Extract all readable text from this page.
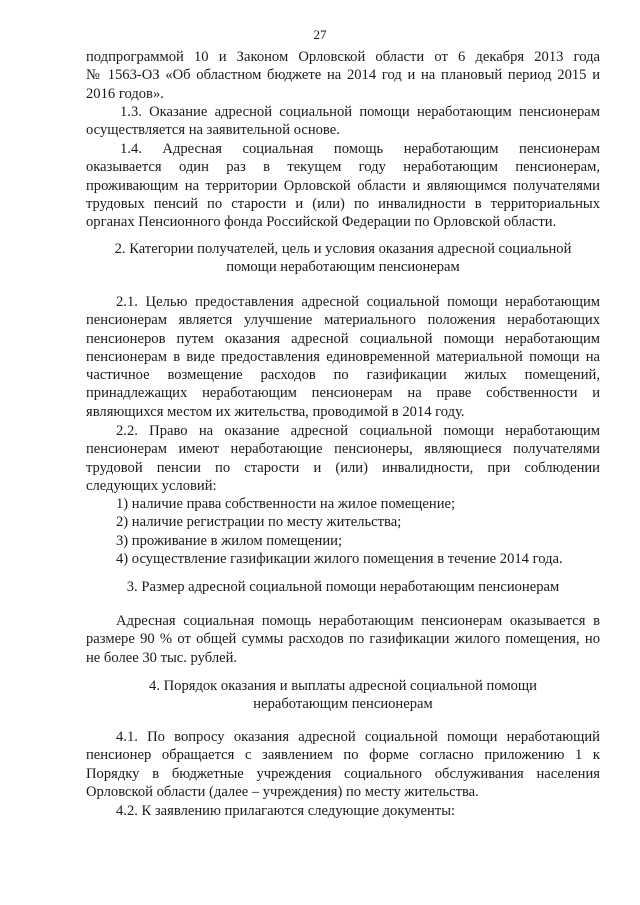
27
подпрограммой 10 и Законом Орловской области от 6 декабря 2013 года
№ 1563-ОЗ «Об областном бюджете на 2014 год и на плановый период 2015 и
2016 годов».
1.3. Оказание адресной социальной помощи неработающим пенсионерам
осуществляется на заявительной основе.
1.4. Адресная социальная помощь неработающим пенсионерам
оказывается один раз в текущем году неработающим пенсионерам,
проживающим на территории Орловской области и являющимся получателями
трудовых пенсий по старости и (или) по инвалидности в территориальных
органах Пенсионного фонда Российской Федерации по Орловской области.
2. Категории получателей, цель и условия оказания адресной социальной
помощи неработающим пенсионерам
2.1. Целью предоставления адресной социальной помощи неработающим
пенсионерам является улучшение материального положения неработающих
пенсионеров путем оказания адресной социальной помощи неработающим
пенсионерам в виде предоставления единовременной материальной помощи на
частичное возмещение расходов по газификации жилых помещений,
принадлежащих неработающим пенсионерам на праве собственности и
являющихся местом их жительства, проводимой в 2014 году.
2.2. Право на оказание адресной социальной помощи неработающим
пенсионерам имеют неработающие пенсионеры, являющиеся получателями
трудовой пенсии по старости и (или) инвалидности, при соблюдении
следующих условий:
1) наличие права собственности на жилое помещение;
2) наличие регистрации по месту жительства;
3) проживание в жилом помещении;
4) осуществление газификации жилого помещения в течение 2014 года.
3. Размер адресной социальной помощи неработающим пенсионерам
Адресная социальная помощь неработающим пенсионерам оказывается в
размере 90 % от общей суммы расходов по газификации жилого помещения, но
не более 30 тыс. рублей.
4. Порядок оказания и выплаты адресной социальной помощи
неработающим пенсионерам
4.1. По вопросу оказания адресной социальной помощи неработающий
пенсионер обращается с заявлением по форме согласно приложению 1 к
Порядку в бюджетные учреждения социального обслуживания населения
Орловской области (далее – учреждения) по месту жительства.
4.2. К заявлению прилагаются следующие документы:
